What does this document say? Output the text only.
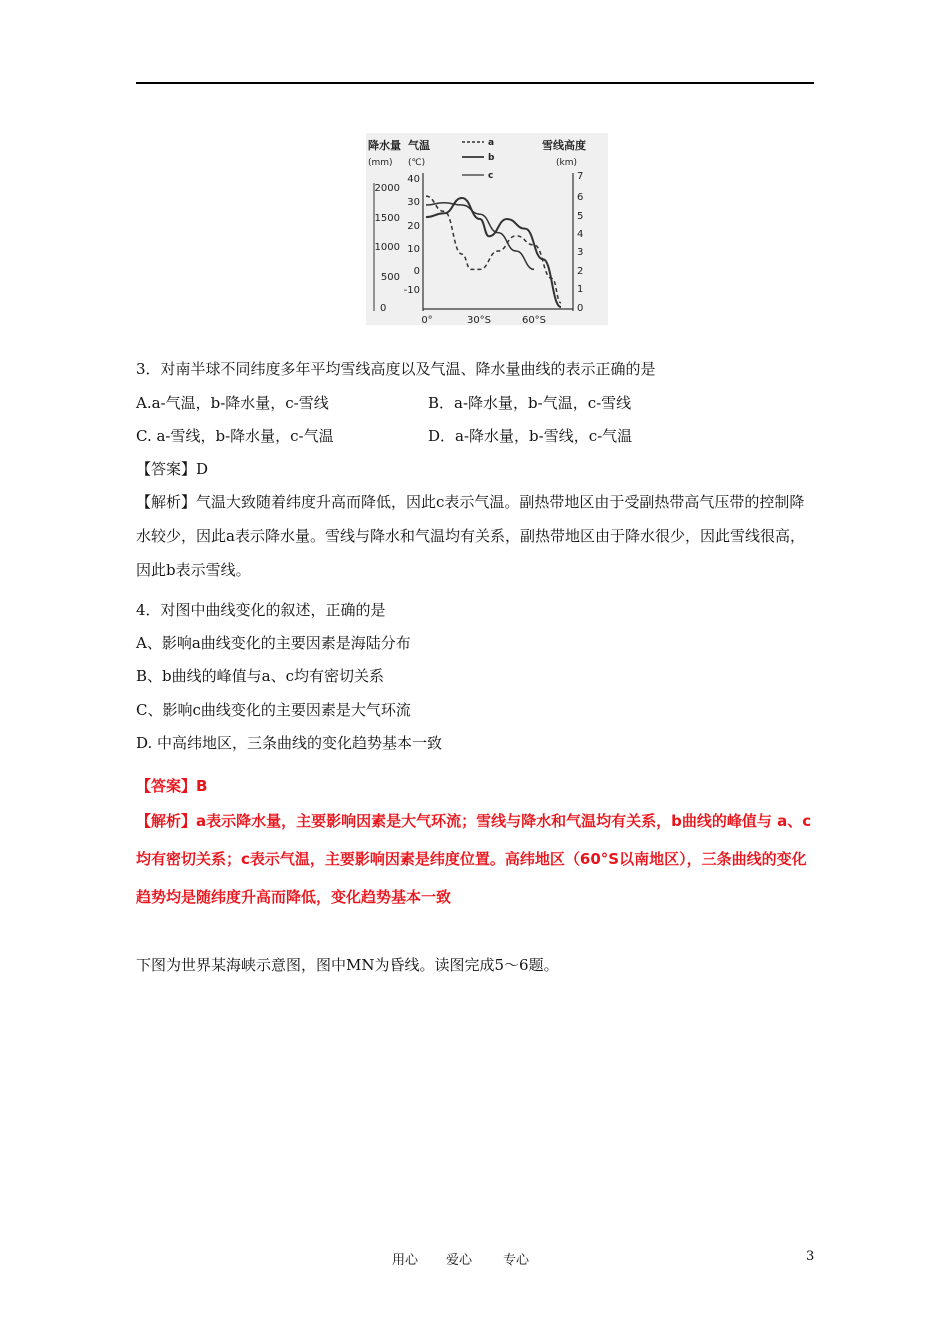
降水量
(mm)
气温
(℃)
雪线高度
(km)
a
b
c
2000
1500
1000
500
0
40
30
20
10
0
-10
7
6
5
4
3
2
1
0
0°	30°S	60°S
3．对南半球不同纬度多年平均雪线高度以及气温、降水量曲线的表示正确的是
A.a-气温，b-降水量，c-雪线	B．a-降水量，b-气温，c-雪线
C. a-雪线，b-降水量，c-气温	D．a-降水量，b-雪线，c-气温
【答案】D
【解析】气温大致随着纬度升高而降低，因此c表示气温。副热带地区由于受副热带高气压带的控制降水较少，因此a表示降水量。雪线与降水和气温均有关系，副热带地区由于降水很少，因此雪线很高，因此b表示雪线。
4．对图中曲线变化的叙述，正确的是
A、影响a曲线变化的主要因素是海陆分布
B、b曲线的峰值与a、c均有密切关系
C、影响c曲线变化的主要因素是大气环流
D. 中高纬地区，三条曲线的变化趋势基本一致
【答案】B
【解析】a表示降水量，主要影响因素是大气环流；雪线与降水和气温均有关系，b曲线的峰值与 a、c 均有密切关系；c表示气温，主要影响因素是纬度位置。高纬地区（60°S以南地区），三条曲线的变化趋势均是随纬度升高而降低，变化趋势基本一致
下图为世界某海峡示意图，图中MN为昏线。读图完成5～6题。
用心 爱心 专心	3
